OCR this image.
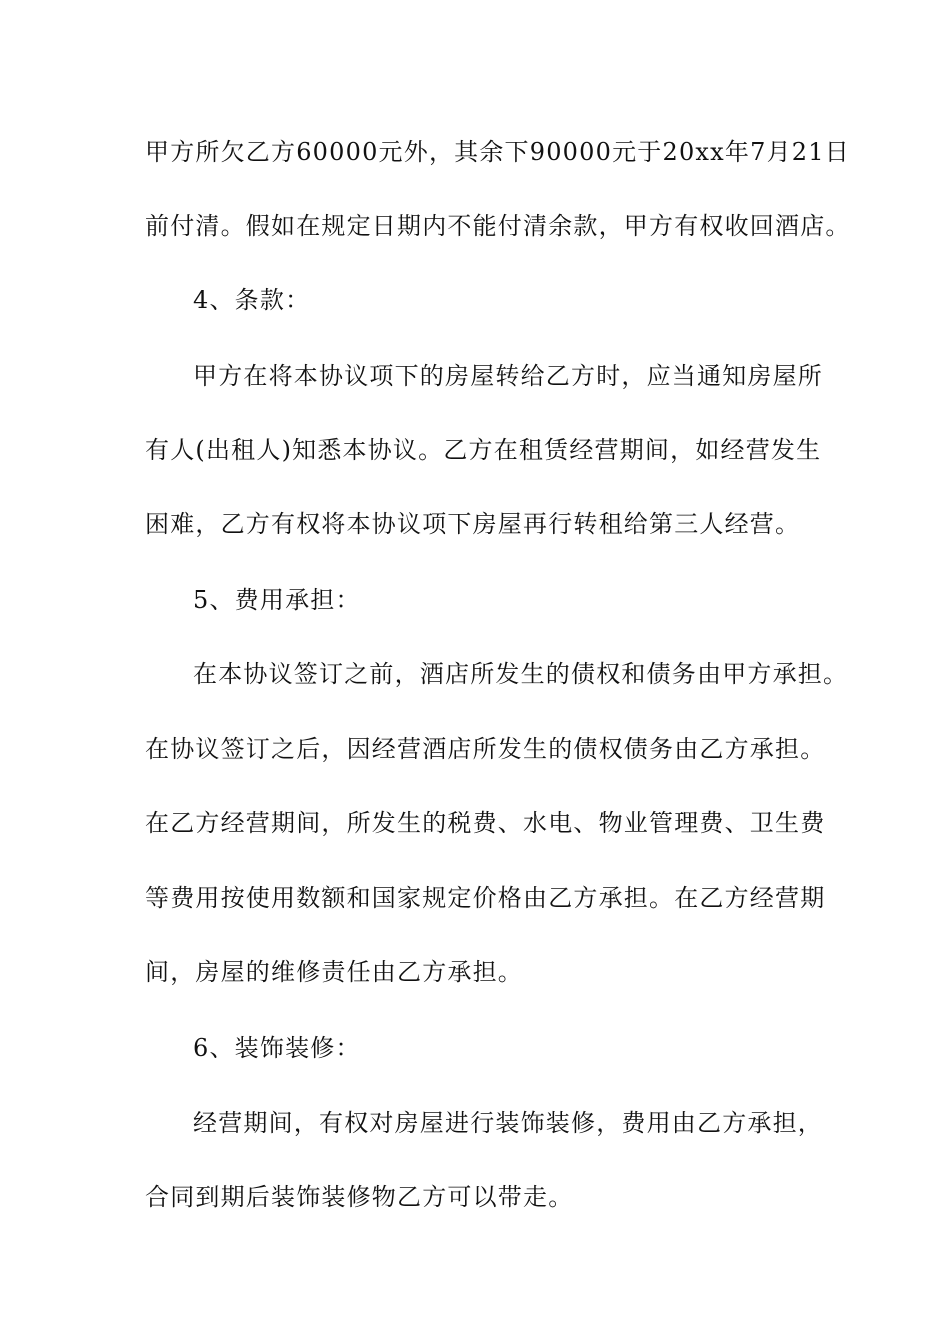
甲方所欠乙方60000元外，其余下90000元于20xx年7月21日
前付清。假如在规定日期内不能付清余款，甲方有权收回酒店。
4、条款：
甲方在将本协议项下的房屋转给乙方时，应当通知房屋所
有人(出租人)知悉本协议。乙方在租赁经营期间，如经营发生
困难，乙方有权将本协议项下房屋再行转租给第三人经营。
5、费用承担：
在本协议签订之前，酒店所发生的债权和债务由甲方承担。
在协议签订之后，因经营酒店所发生的债权债务由乙方承担。
在乙方经营期间，所发生的税费、水电、物业管理费、卫生费
等费用按使用数额和国家规定价格由乙方承担。在乙方经营期
间，房屋的维修责任由乙方承担。
6、装饰装修：
经营期间，有权对房屋进行装饰装修，费用由乙方承担，
合同到期后装饰装修物乙方可以带走。
